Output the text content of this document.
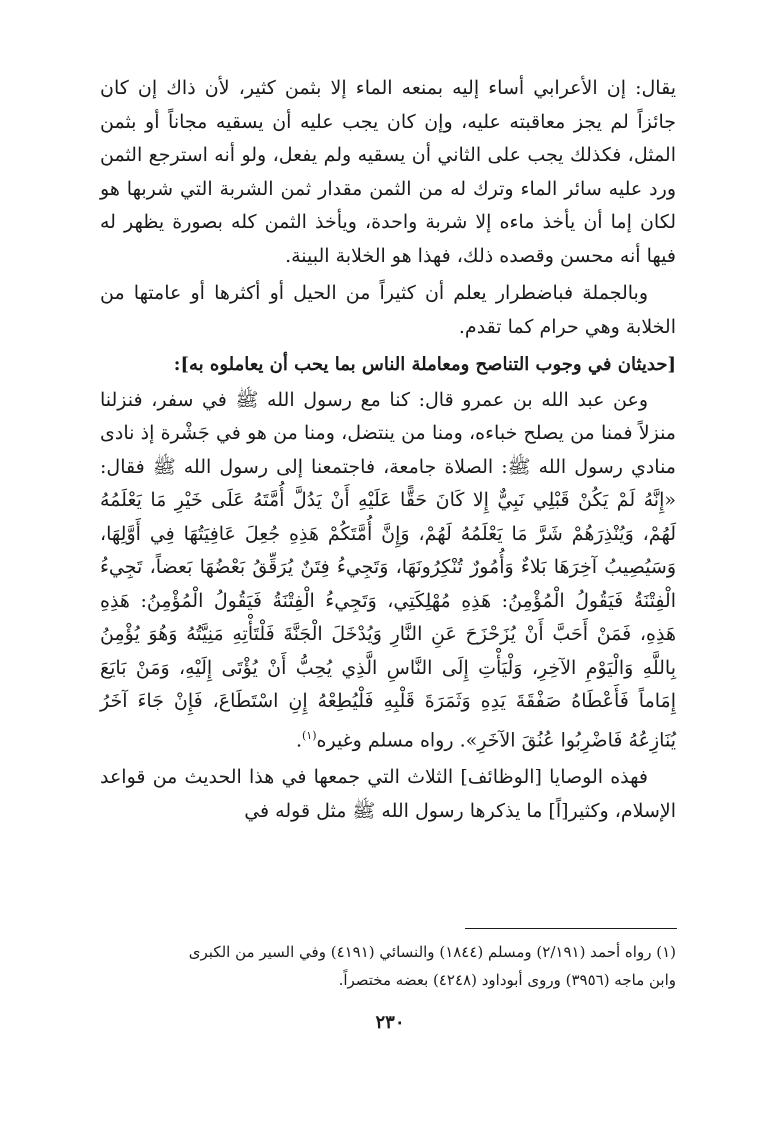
يقال: إن الأعرابي أساء إليه بمنعه الماء إلا بثمن كثير، لأن ذاك إن كان جائزاً لم يجز معاقبته عليه، وإن كان يجب عليه أن يسقيه مجاناً أو بثمن المثل، فكذلك يجب على الثاني أن يسقيه ولم يفعل، ولو أنه استرجع الثمن ورد عليه سائر الماء وترك له من الثمن مقدار ثمن الشربة التي شربها هو لكان إما أن يأخذ ماءه إلا شربة واحدة، ويأخذ الثمن كله بصورة يظهر له فيها أنه محسن وقصده ذلك، فهذا هو الخلابة البينة.

وبالجملة فباضطرار يعلم أن كثيراً من الحيل أو أكثرها أو عامتها من الخلابة وهي حرام كما تقدم.

[حديثان في وجوب التناصح ومعاملة الناس بما يحب أن يعاملوه به]:

وعن عبد الله بن عمرو قال: كنا مع رسول الله ﷺ في سفر، فنزلنا منزلاً فمنا من يصلح خباءه، ومنا من ينتضل، ومنا من هو في جَشْرة إذ نادى منادي رسول الله ﷺ: الصلاة جامعة، فاجتمعنا إلى رسول الله ﷺ فقال: «إِنَّهُ لَمْ يَكُنْ قَبْلِي نَبِيٌّ إِلا كَانَ حَقًّا عَلَيْهِ أَنْ يَدُلَّ أُمَّتَهُ عَلَى خَيْرِ مَا يَعْلَمُهُ لَهُمْ، وَيُنْذِرَهُمْ شَرَّ مَا يَعْلَمُهُ لَهُمْ، وَإِنَّ أُمَّتَكُمْ هَذِهِ جُعِلَ عَافِيَتُهَا فِي أَوَّلِهَا، وَسَيُصِيبُ آخِرَهَا بَلاءٌ وَأُمُورٌ تُنْكِرُونَهَا، وَتَجِيءُ فِتَنٌ يُرَقِّقُ بَعْضُهَا بَعضاً، تَجِيءُ الْفِتْنَةُ فَيَقُولُ الْمُؤْمِنُ: هَذِهِ مُهْلِكَتِي، وَتَجِيءُ الْفِتْنَةُ فَيَقُولُ الْمُؤْمِنُ: هَذِهِ هَذِهِ، فَمَنْ أَحَبَّ أَنْ يُزَحْزَحَ عَنِ النَّارِ وَيُدْخَلَ الْجَنَّةَ فَلْتَأْتِهِ مَنِيَّتُهُ وَهُوَ يُؤْمِنُ بِاللَّهِ وَالْيَوْمِ الآخِرِ، وَلْيَأْتِ إِلَى النَّاسِ الَّذِي يُحِبُّ أَنْ يُؤْتَى إِلَيْهِ، وَمَنْ بَايَعَ إِمَاماً فَأَعْطَاهُ صَفْقَةَ يَدِهِ وَثَمَرَةَ قَلْبِهِ فَلْيُطِعْهُ إِنِ اسْتَطَاعَ، فَإِنْ جَاءَ آخَرُ يُنَازِعُهُ فَاضْرِبُوا عُنُقَ الآخَرِ». رواه مسلم وغيره$^{(١)}$.

فهذه الوصايا [الوظائف] الثلاث التي جمعها في هذا الحديث من قواعد الإسلام، وكثير[اً] ما يذكرها رسول الله ﷺ مثل قوله في

(١) رواه أحمد (٢/١٩١) ومسلم (١٨٤٤) والنسائي (٤١٩١) وفي السير من الكبرى

وابن ماجه (٣٩٥٦) وروى أبوداود (٤٢٤٨) بعضه مختصراً.

٢٣٠
